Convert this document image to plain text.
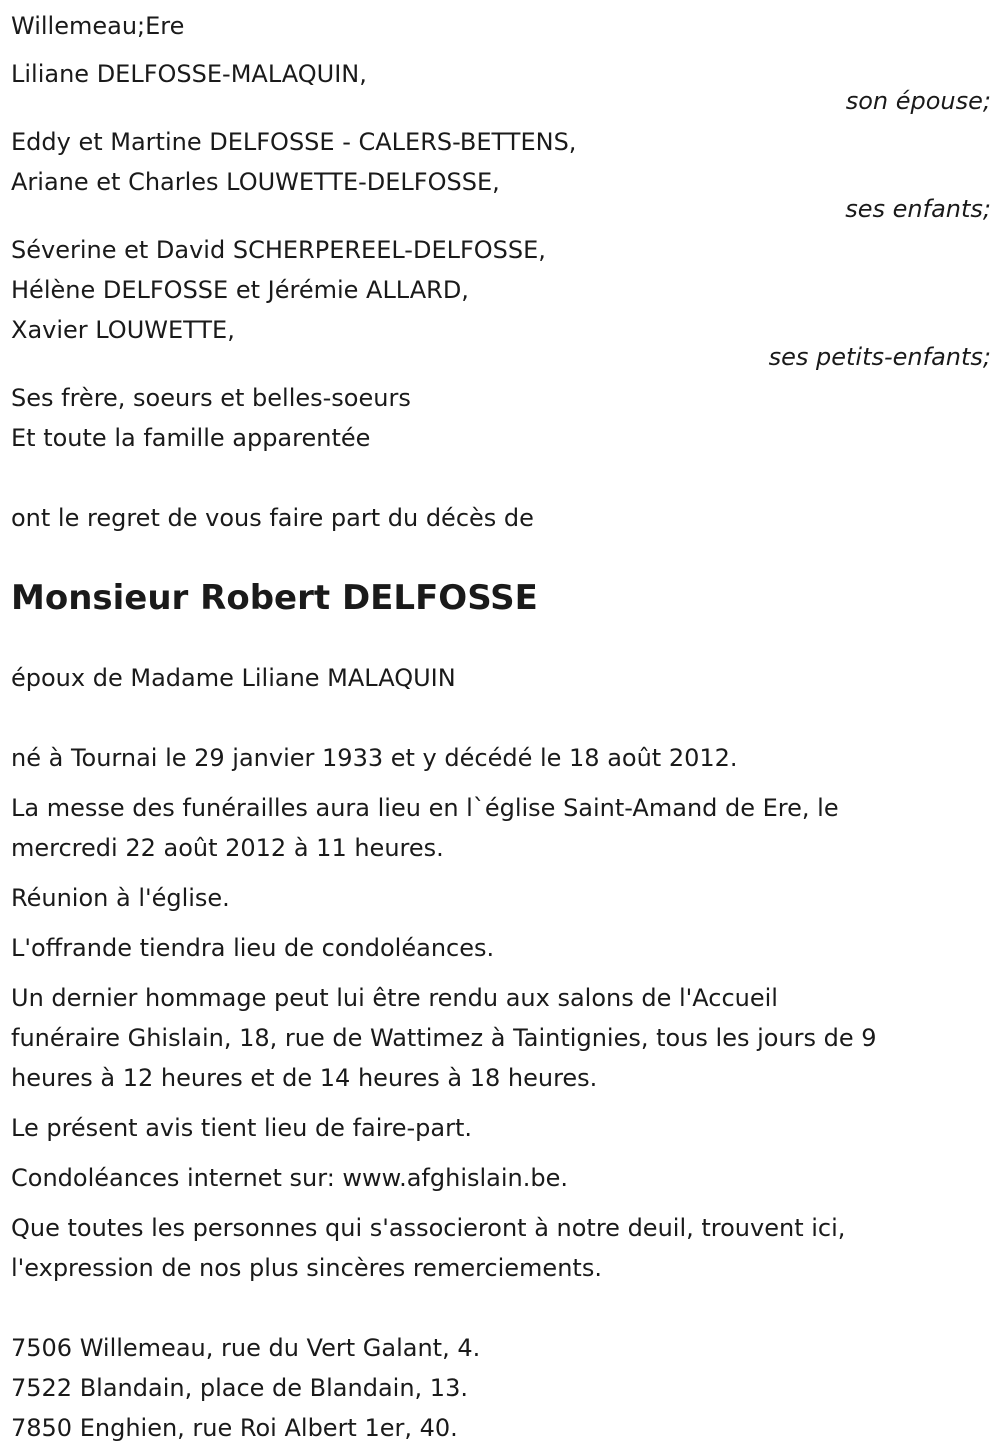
Willemeau;Ere
Liliane DELFOSSE-MALAQUIN,
son épouse;
Eddy et Martine DELFOSSE - CALERS-BETTENS,
Ariane et Charles LOUWETTE-DELFOSSE,
ses enfants;
Séverine et David SCHERPEREEL-DELFOSSE,
Hélène DELFOSSE et Jérémie ALLARD,
Xavier LOUWETTE,
ses petits-enfants;
Ses frère, soeurs et belles-soeurs
Et toute la famille apparentée
ont le regret de vous faire part du décès de
Monsieur Robert DELFOSSE
époux de Madame Liliane MALAQUIN
né à Tournai le 29 janvier 1933 et y décédé le 18 août 2012.
La messe des funérailles aura lieu en l`église Saint-Amand de Ere, le
mercredi 22 août 2012 à 11 heures.
Réunion à l'église.
L'offrande tiendra lieu de condoléances.
Un dernier hommage peut lui être rendu aux salons de l'Accueil
funéraire Ghislain, 18, rue de Wattimez à Taintignies, tous les jours de 9
heures à 12 heures et de 14 heures à 18 heures.
Le présent avis tient lieu de faire-part.
Condoléances internet sur: www.afghislain.be.
Que toutes les personnes qui s'associeront à notre deuil, trouvent ici,
l'expression de nos plus sincères remerciements.
7506 Willemeau, rue du Vert Galant, 4.
7522 Blandain, place de Blandain, 13.
7850 Enghien, rue Roi Albert 1er, 40.
